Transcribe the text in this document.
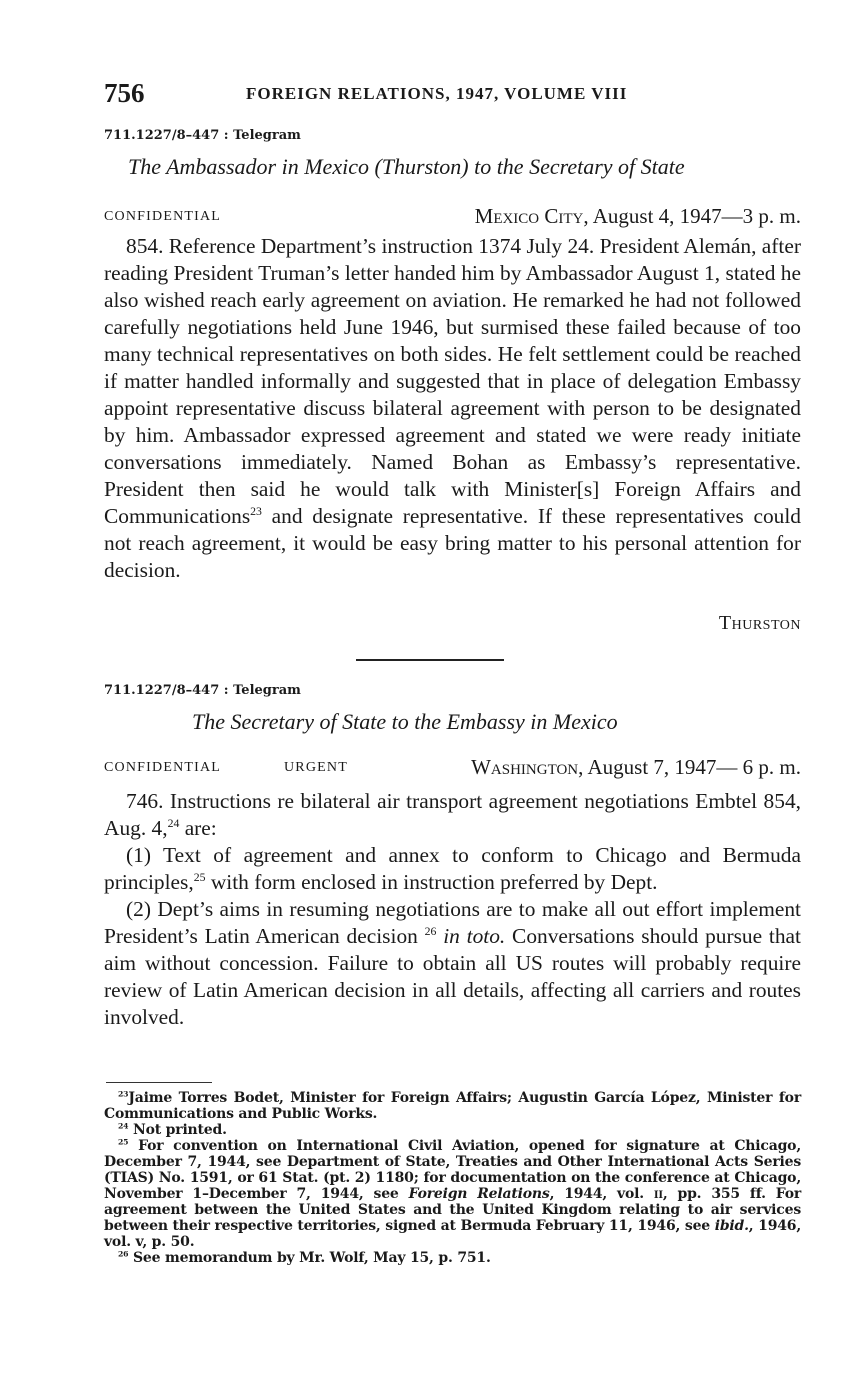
756	FOREIGN RELATIONS, 1947, VOLUME VIII
711.1227/8–447 : Telegram
The Ambassador in Mexico (Thurston) to the Secretary of State
CONFIDENTIAL	Mexico City, August 4, 1947—3 p. m.

854. Reference Department’s instruction 1374 July 24. President Alemán, after reading President Truman’s letter handed him by Ambassador August 1, stated he also wished reach early agreement on aviation. He remarked he had not followed carefully negotiations held June 1946, but surmised these failed because of too many technical representatives on both sides. He felt settlement could be reached if matter handled informally and suggested that in place of delegation Embassy appoint representative discuss bilateral agreement with person to be designated by him. Ambassador expressed agreement and stated we were ready initiate conversations immediately. Named Bohan as Embassy’s representative. President then said he would talk with Minister[s] Foreign Affairs and Communications$^{23}$ and designate representative. If these representatives could not reach agreement, it would be easy bring matter to his personal attention for decision.

Thurston
711.1227/8–447 : Telegram
The Secretary of State to the Embassy in Mexico
CONFIDENTIAL	URGENT	Washington, August 7, 1947— 6 p. m.

746. Instructions re bilateral air transport agreement negotiations Embtel 854, Aug. 4,24 are:

(1) Text of agreement and annex to conform to Chicago and Bermuda principles,$^{25}$ with form enclosed in instruction preferred by Dept.

(2) Dept’s aims in resuming negotiations are to make all out effort implement President’s Latin American decision $^{26}$ in toto. Conversations should pursue that aim without concession. Failure to obtain all US routes will probably require review of Latin American decision in all details, affecting all carriers and routes involved.

$^{23}$Jaime Torres Bodet, Minister for Foreign Affairs; Augustin García López, Minister for Communications and Public Works.

$^{24}$ Not printed.

$^{25}$ For convention on International Civil Aviation, opened for signature at Chicago, December 7, 1944, see Department of State, Treaties and Other International Acts Series (TIAS) No. 1591, or 61 Stat. (pt. 2) 1180; for documentation on the conference at Chicago, November 1–December 7, 1944, see Foreign Relations, 1944, vol. ii, pp. 355 ff. For agreement between the United States and the United Kingdom relating to air services between their respective territories, signed at Bermuda February 11, 1946, see ibid., 1946, vol. v, p. 50.

$^{26}$ See memorandum by Mr. Wolf, May 15, p. 751.
